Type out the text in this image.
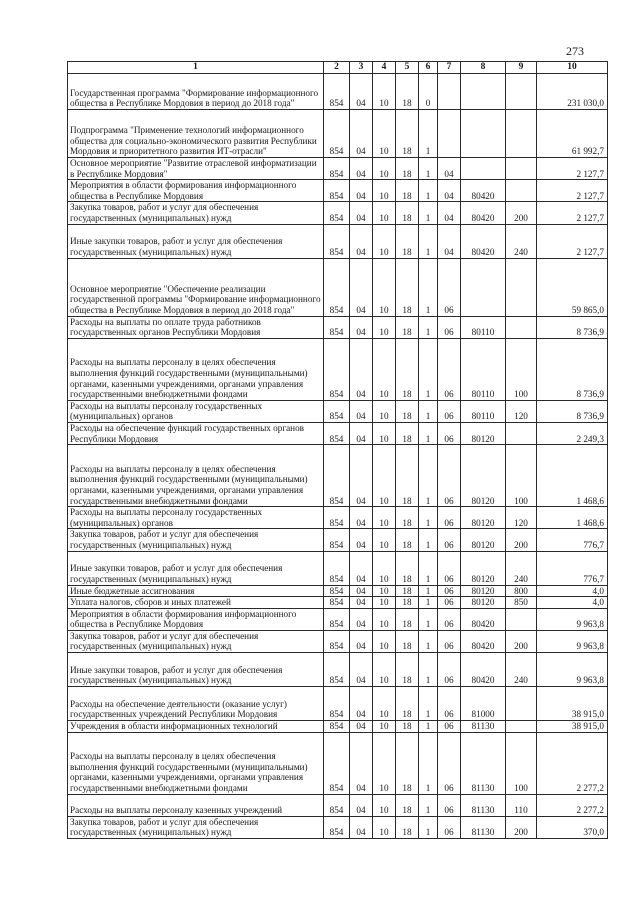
273
1	2	3	4	5	6	7	8	9	10
Государственная программа "Формирование информационного общества в Республике Мордовия в период до 2018 года"	854	04	10	18	0				231 030,0
Подпрограмма "Применение технологий информационного общества для социально-экономического развития Республики Мордовия и приоритетного развития ИТ-отрасли"	854	04	10	18	1				61 992,7
Основное мероприятие "Развитие отраслевой информатизации в Республике Мордовия"	854	04	10	18	1	04			2 127,7
Мероприятия в области формирования информационного общества в Республике Мордовия	854	04	10	18	1	04	80420		2 127,7
Закупка товаров, работ и услуг для обеспечения государственных (муниципальных) нужд	854	04	10	18	1	04	80420	200	2 127,7
Иные закупки товаров, работ и услуг для обеспечения государственных (муниципальных) нужд	854	04	10	18	1	04	80420	240	2 127,7
Основное мероприятие "Обеспечение реализации государственной программы "Формирование информационного общества в Республике Мордовия в период до 2018 года"	854	04	10	18	1	06			59 865,0
Расходы на выплаты по оплате труда работников государственных органов Республики Мордовия	854	04	10	18	1	06	80110		8 736,9
Расходы на выплаты персоналу в целях обеспечения выполнения функций государственными (муниципальными) органами, казенными учреждениями, органами управления государственными внебюджетными фондами	854	04	10	18	1	06	80110	100	8 736,9
Расходы на выплаты персоналу государственных (муниципальных) органов	854	04	10	18	1	06	80110	120	8 736,9
Расходы на обеспечение функций государственных органов Республики Мордовия	854	04	10	18	1	06	80120		2 249,3
Расходы на выплаты персоналу в целях обеспечения выполнения функций государственными (муниципальными) органами, казенными учреждениями, органами управления государственными внебюджетными фондами	854	04	10	18	1	06	80120	100	1 468,6
Расходы на выплаты персоналу государственных (муниципальных) органов	854	04	10	18	1	06	80120	120	1 468,6
Закупка товаров, работ и услуг для обеспечения государственных (муниципальных) нужд	854	04	10	18	1	06	80120	200	776,7
Иные закупки товаров, работ и услуг для обеспечения государственных (муниципальных) нужд	854	04	10	18	1	06	80120	240	776,7
Иные бюджетные ассигнования	854	04	10	18	1	06	80120	800	4,0
Уплата налогов, сборов и иных платежей	854	04	10	18	1	06	80120	850	4,0
Мероприятия в области формирования информационного общества в Республике Мордовия	854	04	10	18	1	06	80420		9 963,8
Закупка товаров, работ и услуг для обеспечения государственных (муниципальных) нужд	854	04	10	18	1	06	80420	200	9 963,8
Иные закупки товаров, работ и услуг для обеспечения государственных (муниципальных) нужд	854	04	10	18	1	06	80420	240	9 963,8
Расходы на обеспечение деятельности (оказание услуг) государственных учреждений Республики Мордовия	854	04	10	18	1	06	81000		38 915,0
Учреждения в области информационных технологий	854	04	10	18	1	06	81130		38 915,0
Расходы на выплаты персоналу в целях обеспечения выполнения функций государственными (муниципальными) органами, казенными учреждениями, органами управления государственными внебюджетными фондами	854	04	10	18	1	06	81130	100	2 277,2
Расходы на выплаты персоналу казенных учреждений	854	04	10	18	1	06	81130	110	2 277,2
Закупка товаров, работ и услуг для обеспечения государственных (муниципальных) нужд	854	04	10	18	1	06	81130	200	370,0
